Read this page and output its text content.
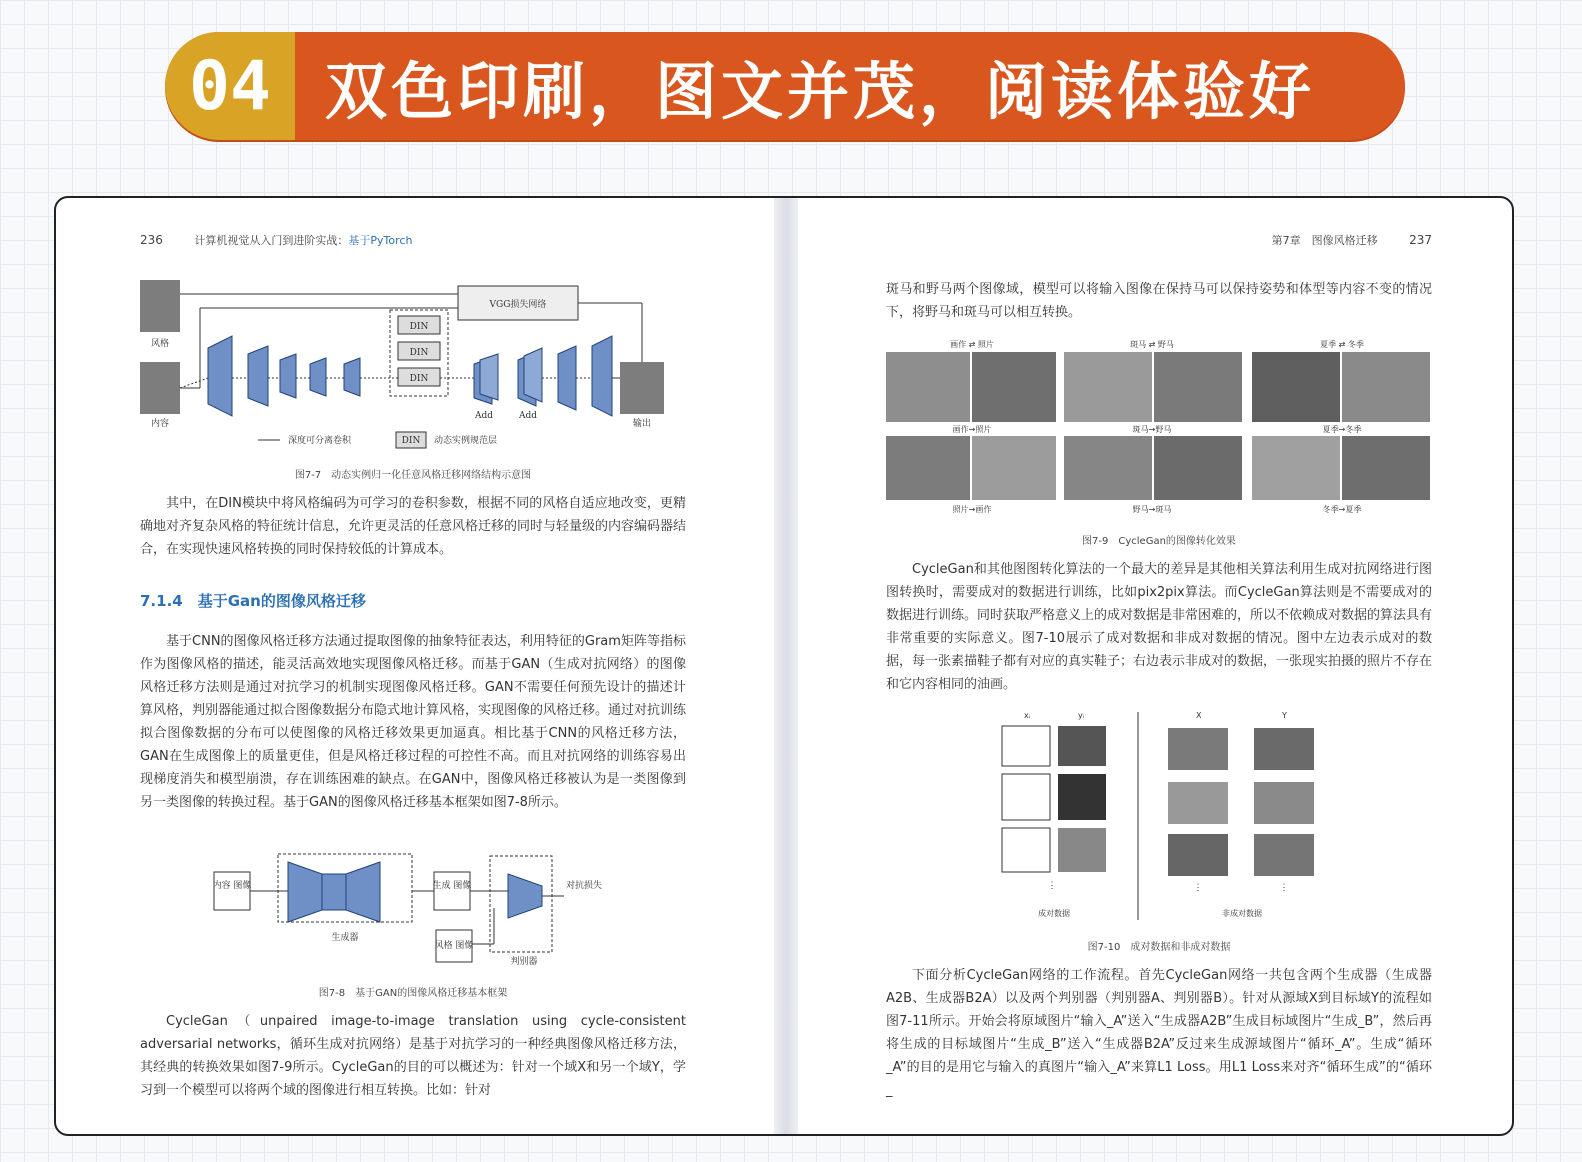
04 双色印刷，图文并茂，阅读体验好
236	计算机视觉从入门到进阶实战：基于PyTorch
风格
内容	输出
VGG损失网络
DIN
DIN
DIN
Add	Add
深度可分离卷积	DIN 动态实例规范层
图7-7　动态实例归一化任意风格迁移网络结构示意图

其中，在DIN模块中将风格编码为可学习的卷积参数，根据不同的风格自适应地改变，更精确地对齐复杂风格的特征统计信息，允许更灵活的任意风格迁移的同时与轻量级的内容编码器结合，在实现快速风格转换的同时保持较低的计算成本。

7.1.4　基于Gan的图像风格迁移

基于CNN的图像风格迁移方法通过提取图像的抽象特征表达，利用特征的Gram矩阵等指标作为图像风格的描述，能灵活高效地实现图像风格迁移。而基于GAN（生成对抗网络）的图像风格迁移方法则是通过对抗学习的机制实现图像风格迁移。GAN不需要任何预先设计的描述计算风格，判别器能通过拟合图像数据分布隐式地计算风格，实现图像的风格迁移。通过对抗训练拟合图像数据的分布可以使图像的风格迁移效果更加逼真。相比基于CNN的风格迁移方法，GAN在生成图像上的质量更佳，但是风格迁移过程的可控性不高。而且对抗网络的训练容易出现梯度消失和模型崩溃，存在训练困难的缺点。在GAN中，图像风格迁移被认为是一类图像到另一类图像的转换过程。基于GAN的图像风格迁移基本框架如图7-8所示。

内容 图像
生成器
生成 图像	对抗损失
风格 图像
判别器
图7-8　基于GAN的图像风格迁移基本框架

CycleGan（unpaired image-to-image translation using cycle-consistent adversarial networks，循环生成对抗网络）是基于对抗学习的一种经典图像风格迁移方法，其经典的转换效果如图7-9所示。CycleGan的目的可以概述为：针对一个域X和另一个域Y，学习到一个模型可以将两个域的图像进行相互转换。比如：针对

第7章　图像风格迁移	237

斑马和野马两个图像域，模型可以将输入图像在保持马可以保持姿势和体型等内容不变的情况下，将野马和斑马可以相互转换。

画作 ⇄ 照片	斑马 ⇄ 野马	夏季 ⇄ 冬季
画作→照片	斑马→野马	夏季→冬季
照片→画作	野马→斑马	冬季→夏季
图7-9　CycleGan的图像转化效果

CycleGan和其他图图转化算法的一个最大的差异是其他相关算法利用生成对抗网络进行图图转换时，需要成对的数据进行训练，比如pix2pix算法。而CycleGan算法则是不需要成对的数据进行训练。同时获取严格意义上的成对数据是非常困难的，所以不依赖成对数据的算法具有非常重要的实际意义。图7-10展示了成对数据和非成对数据的情况。图中左边表示成对的数据，每一张素描鞋子都有对应的真实鞋子；右边表示非成对的数据，一张现实拍摄的照片不存在和它内容相同的油画。

xᵢ	yᵢ
⋮
成对数据
X	Y
⋮	⋮
非成对数据
图7-10　成对数据和非成对数据

下面分析CycleGan网络的工作流程。首先CycleGan网络一共包含两个生成器（生成器A2B、生成器B2A）以及两个判别器（判别器A、判别器B）。针对从源域X到目标域Y的流程如图7-11所示。开始会将原域图片“输入_A”送入“生成器A2B”生成目标域图片“生成_B”，然后再将生成的目标域图片“生成_B”送入“生成器B2A”反过来生成源域图片“循环_A”。生成“循环_A”的目的是用它与输入的真图片“输入_A”来算L1 Loss。用L1 Loss来对齐“循环生成”的“循环_
